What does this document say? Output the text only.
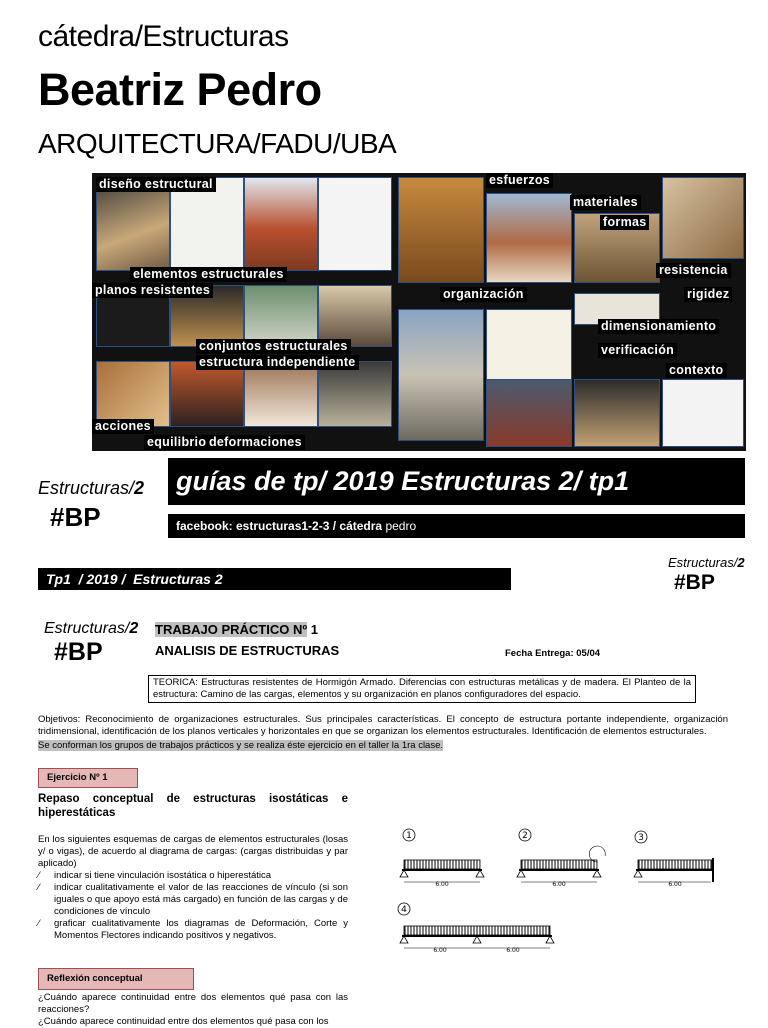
cátedra/Estructuras
Beatriz Pedro
ARQUITECTURA/FADU/UBA
diseño estructural
elementos estructurales
planos resistentes
conjuntos estructurales
estructura independiente
acciones
equilibrio deformaciones
esfuerzos
materiales
formas
resistencia
rigidez
organización
dimensionamiento
verificación
contexto
Estructuras/2
#BP
guías de tp/ 2019 Estructuras 2/ tp1
facebook: estructuras1-2-3 / cátedra pedro
Tp1  / 2019 /  Estructuras 2
Estructuras/2
#BP
Estructuras/2
#BP
TRABAJO PRÁCTICO Nº 1
ANALISIS DE ESTRUCTURAS	Fecha Entrega: 05/04
TEORICA: Estructuras resistentes de Hormigón Armado. Diferencias con estructuras metálicas y de madera. El Planteo de la estructura: Camino de las cargas, elementos y su organización en planos configuradores del espacio.
Objetivos: Reconocimiento de organizaciones estructurales. Sus principales características. El concepto de estructura portante independiente, organización tridimensional, identificación de los planos verticales y horizontales en que se organizan los elementos estructurales. Identificación de elementos estructurales.
Se conforman los grupos de trabajos prácticos y se realiza éste ejercicio en el taller la 1ra clase.
Ejercicio Nº 1
Repaso conceptual de estructuras isostáticas e hiperestáticas
En los siguientes esquemas de cargas de elementos estructurales (losas y/ o vigas), de acuerdo al diagrama de cargas: (cargas distribuidas y par aplicado)
⁄ indicar si tiene vinculación isostática o hiperestática
⁄ indicar cualitativamente el valor de las reacciones de vínculo (si son iguales o que apoyo está más cargado) en función de las cargas y de condiciones de vínculo
⁄ graficar cualitativamente los diagramas de Deformación, Corte y Momentos Flectores indicando positivos y negativos.
Reflexión conceptual
¿Cuándo aparece continuidad entre dos elementos qué pasa con las reacciones?
¿Cuándo aparece continuidad entre dos elementos qué pasa con los
1
6.00
2
6.00
3
6.00
4
6.00	6.00
